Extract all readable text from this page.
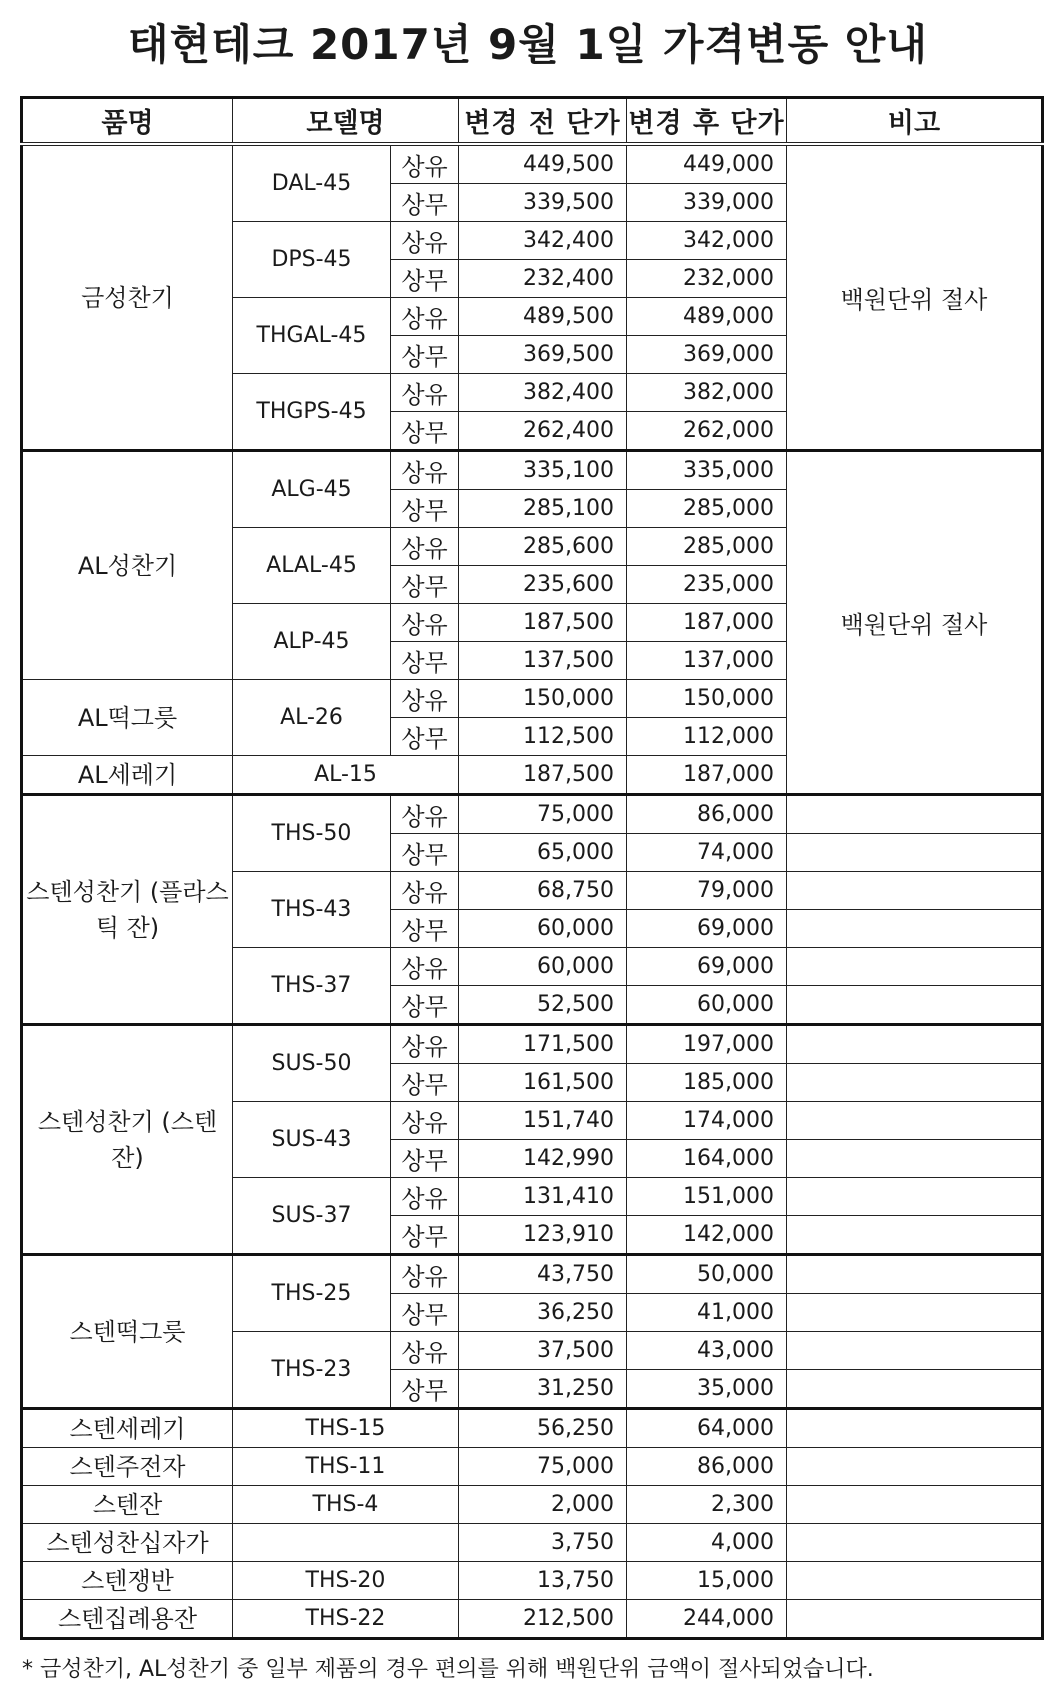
태현테크 2017년 9월 1일 가격변동 안내
품명	모델명		변경 전 단가	변경 후 단가	비고
금성찬기	DAL-45	상유	449,500	449,000	백원단위 절사
		상무	339,500	339,000	
	DPS-45	상유	342,400	342,000	
		상무	232,400	232,000	
	THGAL-45	상유	489,500	489,000	
		상무	369,500	369,000	
	THGPS-45	상유	382,400	382,000	
		상무	262,400	262,000	
AL성찬기	ALG-45	상유	335,100	335,000	백원단위 절사
		상무	285,100	285,000	
	ALAL-45	상유	285,600	285,000	
		상무	235,600	235,000	
	ALP-45	상유	187,500	187,000	
		상무	137,500	137,000	
AL떡그릇	AL-26	상유	150,000	150,000	
		상무	112,500	112,000	
AL세레기	AL-15		187,500	187,000	
스텐성찬기 (플라스틱 잔)	THS-50	상유	75,000	86,000	
		상무	65,000	74,000	
	THS-43	상유	68,750	79,000	
		상무	60,000	69,000	
	THS-37	상유	60,000	69,000	
		상무	52,500	60,000	
스텐성찬기 (스텐잔)	SUS-50	상유	171,500	197,000	
		상무	161,500	185,000	
	SUS-43	상유	151,740	174,000	
		상무	142,990	164,000	
	SUS-37	상유	131,410	151,000	
		상무	123,910	142,000	
스텐떡그릇	THS-25	상유	43,750	50,000	
		상무	36,250	41,000	
	THS-23	상유	37,500	43,000	
		상무	31,250	35,000	
스텐세레기	THS-15		56,250	64,000	
스텐주전자	THS-11		75,000	86,000	
스텐잔	THS-4		2,000	2,300	
스텐성찬십자가			3,750	4,000	
스텐쟁반	THS-20		13,750	15,000	
스텐집례용잔	THS-22		212,500	244,000	
* 금성찬기, AL성찬기 중 일부 제품의 경우 편의를 위해 백원단위 금액이 절사되었습니다.
